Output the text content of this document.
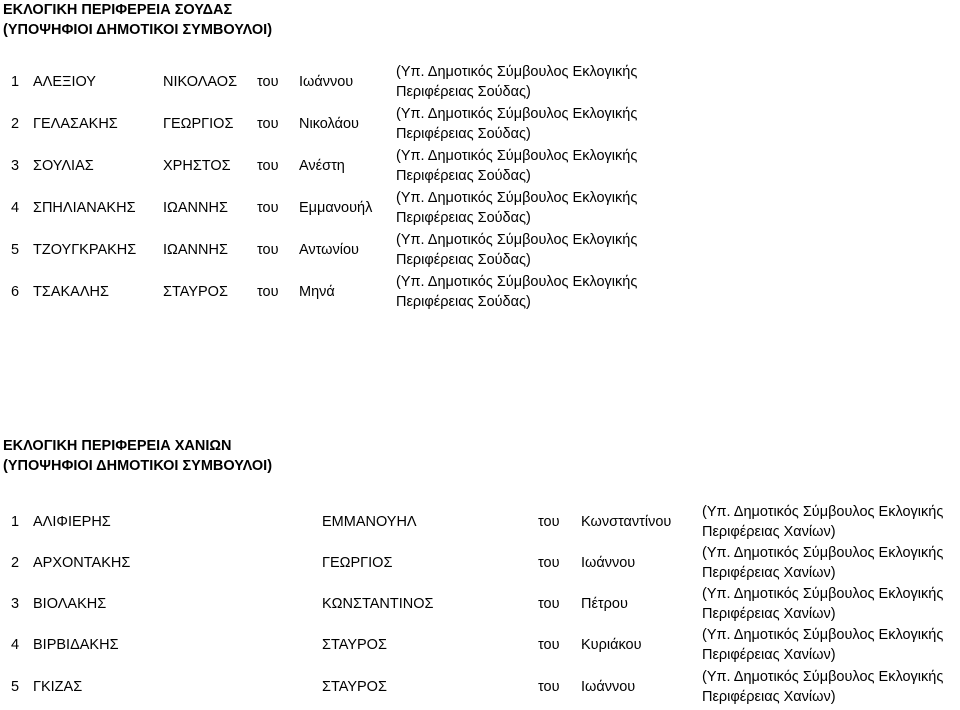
ΕΚΛΟΓΙΚΗ ΠΕΡΙΦΕΡΕΙΑ ΣΟΥΔΑΣ
(ΥΠΟΨΗΦΙΟΙ ΔΗΜΟΤΙΚΟΙ ΣΥΜΒΟΥΛΟΙ)
1 ΑΛΕΞΙΟΥ	ΝΙΚΟΛΑΟΣ του Ιωάννου
(Υπ. Δημοτικός Σύμβουλος Εκλογικής
Περιφέρειας Σούδας)
2 ΓΕΛΑΣΑΚΗΣ	ΓΕΩΡΓΙΟΣ του Νικολάου
(Υπ. Δημοτικός Σύμβουλος Εκλογικής
Περιφέρειας Σούδας)
3 ΣΟΥΛΙΑΣ	ΧΡΗΣΤΟΣ του Ανέστη
(Υπ. Δημοτικός Σύμβουλος Εκλογικής
Περιφέρειας Σούδας)
4 ΣΠΗΛΙΑΝΑΚΗΣ ΙΩΑΝΝΗΣ του Εμμανουήλ
(Υπ. Δημοτικός Σύμβουλος Εκλογικής
Περιφέρειας Σούδας)
5 ΤΖΟΥΓΚΡΑΚΗΣ ΙΩΑΝΝΗΣ του Αντωνίου
(Υπ. Δημοτικός Σύμβουλος Εκλογικής
Περιφέρειας Σούδας)
6 ΤΣΑΚΑΛΗΣ	ΣΤΑΥΡΟΣ του Μηνά
(Υπ. Δημοτικός Σύμβουλος Εκλογικής
Περιφέρειας Σούδας)
ΕΚΛΟΓΙΚΗ ΠΕΡΙΦΕΡΕΙΑ ΧΑΝΙΩΝ
(ΥΠΟΨΗΦΙΟΙ ΔΗΜΟΤΙΚΟΙ ΣΥΜΒΟΥΛΟΙ)
1 ΑΛΙΦΙΕΡΗΣ	ΕΜΜΑΝΟΥΗΛ	του Κωνσταντίνου
(Υπ. Δημοτικός Σύμβουλος Εκλογικής
Περιφέρειας Χανίων)
2 ΑΡΧΟΝΤΑΚΗΣ	ΓΕΩΡΓΙΟΣ	του Ιωάννου
(Υπ. Δημοτικός Σύμβουλος Εκλογικής
Περιφέρειας Χανίων)
3 ΒΙΟΛΑΚΗΣ	ΚΩΝΣΤΑΝΤΙΝΟΣ	του Πέτρου
(Υπ. Δημοτικός Σύμβουλος Εκλογικής
Περιφέρειας Χανίων)
4 ΒΙΡΒΙΔΑΚΗΣ	ΣΤΑΥΡΟΣ	του Κυριάκου
(Υπ. Δημοτικός Σύμβουλος Εκλογικής
Περιφέρειας Χανίων)
5 ΓΚΙΖΑΣ	ΣΤΑΥΡΟΣ	του Ιωάννου
(Υπ. Δημοτικός Σύμβουλος Εκλογικής
Περιφέρειας Χανίων)
